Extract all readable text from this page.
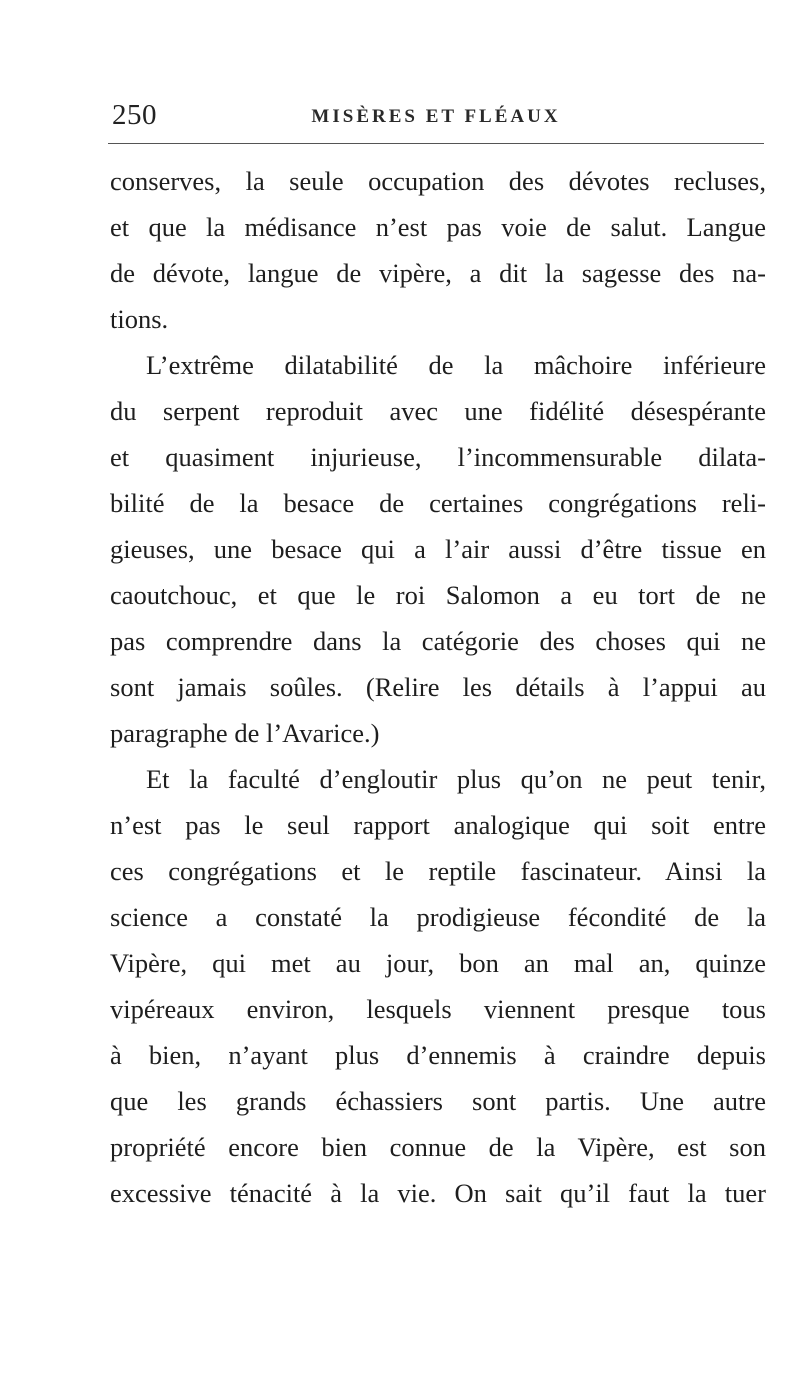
250	MISÈRES ET FLÉAUX
conserves, la seule occupation des dévotes recluses,
et que la médisance n’est pas voie de salut. Langue
de dévote, langue de vipère, a dit la sagesse des na-
tions.
L’extrême dilatabilité de la mâchoire inférieure
du serpent reproduit avec une fidélité désespérante
et quasiment injurieuse, l’incommensurable dilata-
bilité de la besace de certaines congrégations reli-
gieuses, une besace qui a l’air aussi d’être tissue en
caoutchouc, et que le roi Salomon a eu tort de ne
pas comprendre dans la catégorie des choses qui ne
sont jamais soûles. (Relire les détails à l’appui au
paragraphe de l’Avarice.)
Et la faculté d’engloutir plus qu’on ne peut tenir,
n’est pas le seul rapport analogique qui soit entre
ces congrégations et le reptile fascinateur. Ainsi la
science a constaté la prodigieuse fécondité de la
Vipère, qui met au jour, bon an mal an, quinze
vipéreaux environ, lesquels viennent presque tous
à bien, n’ayant plus d’ennemis à craindre depuis
que les grands échassiers sont partis. Une autre
propriété encore bien connue de la Vipère, est son
excessive ténacité à la vie. On sait qu’il faut la tuer
